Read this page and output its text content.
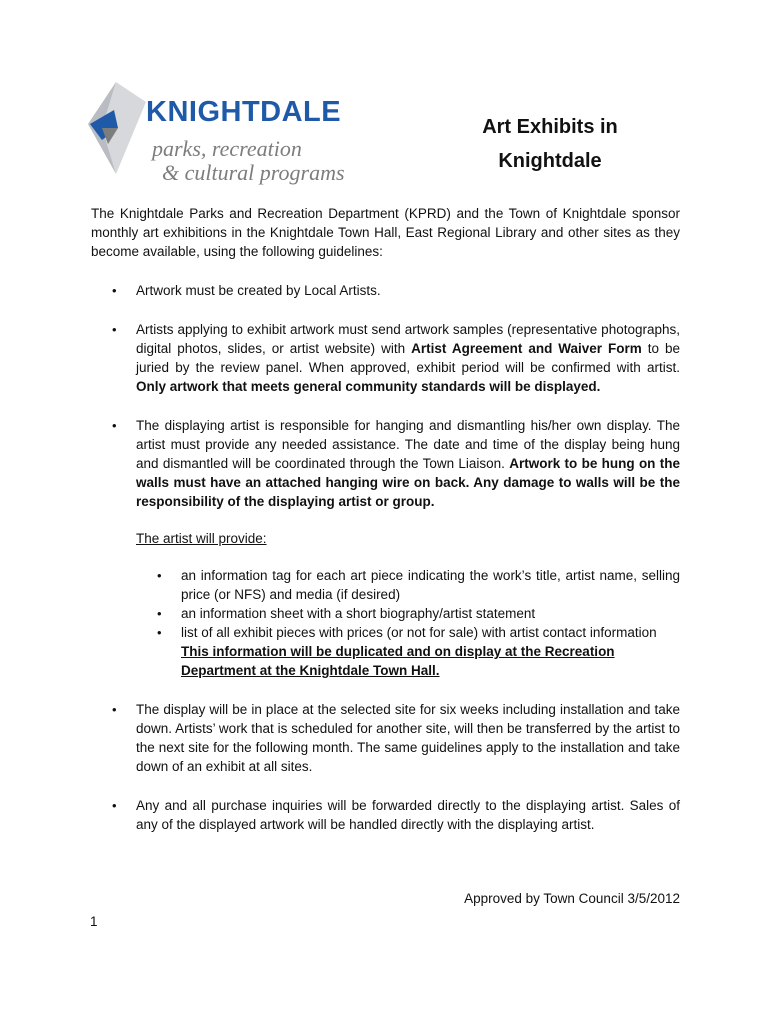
KNIGHTDALE
parks, recreation
& cultural programs
Art Exhibits in
Knightdale

The Knightdale Parks and Recreation Department (KPRD) and the Town of Knightdale sponsor monthly art exhibitions in the Knightdale Town Hall, East Regional Library and other sites as they become available, using the following guidelines:

• Artwork must be created by Local Artists.
• Artists applying to exhibit artwork must send artwork samples (representative photographs, digital photos, slides, or artist website) with Artist Agreement and Waiver Form to be juried by the review panel. When approved, exhibit period will be confirmed with artist. Only artwork that meets general community standards will be displayed.
• The displaying artist is responsible for hanging and dismantling his/her own display. The artist must provide any needed assistance. The date and time of the display being hung and dismantled will be coordinated through the Town Liaison. Artwork to be hung on the walls must have an attached hanging wire on back. Any damage to walls will be the responsibility of the displaying artist or group.
The artist will provide:
• an information tag for each art piece indicating the work’s title, artist name, selling price (or NFS) and media (if desired)
• an information sheet with a short biography/artist statement
• list of all exhibit pieces with prices (or not for sale) with artist contact information
This information will be duplicated and on display at the Recreation Department at the Knightdale Town Hall.
• The display will be in place at the selected site for six weeks including installation and take down. Artists’ work that is scheduled for another site, will then be transferred by the artist to the next site for the following month. The same guidelines apply to the installation and take down of an exhibit at all sites.
• Any and all purchase inquiries will be forwarded directly to the displaying artist. Sales of any of the displayed artwork will be handled directly with the displaying artist.
Approved by Town Council 3/5/2012
1
